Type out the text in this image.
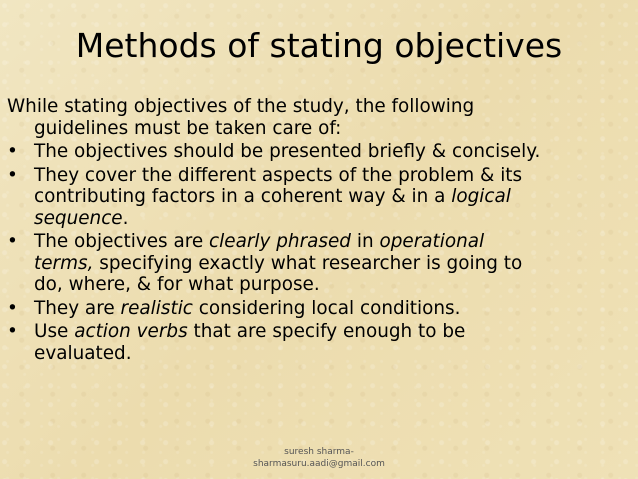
Methods of stating objectives
While stating objectives of the study, the following
guidelines must be taken care of:
• The objectives should be presented briefly & concisely.
• They cover the different aspects of the problem & its
contributing factors in a coherent way & in a logical
sequence.
• The objectives are clearly phrased in operational
terms, specifying exactly what researcher is going to
do, where, & for what purpose.
• They are realistic considering local conditions.
• Use action verbs that are specify enough to be
evaluated.
suresh sharma-
sharmasuru.aadi@gmail.com
